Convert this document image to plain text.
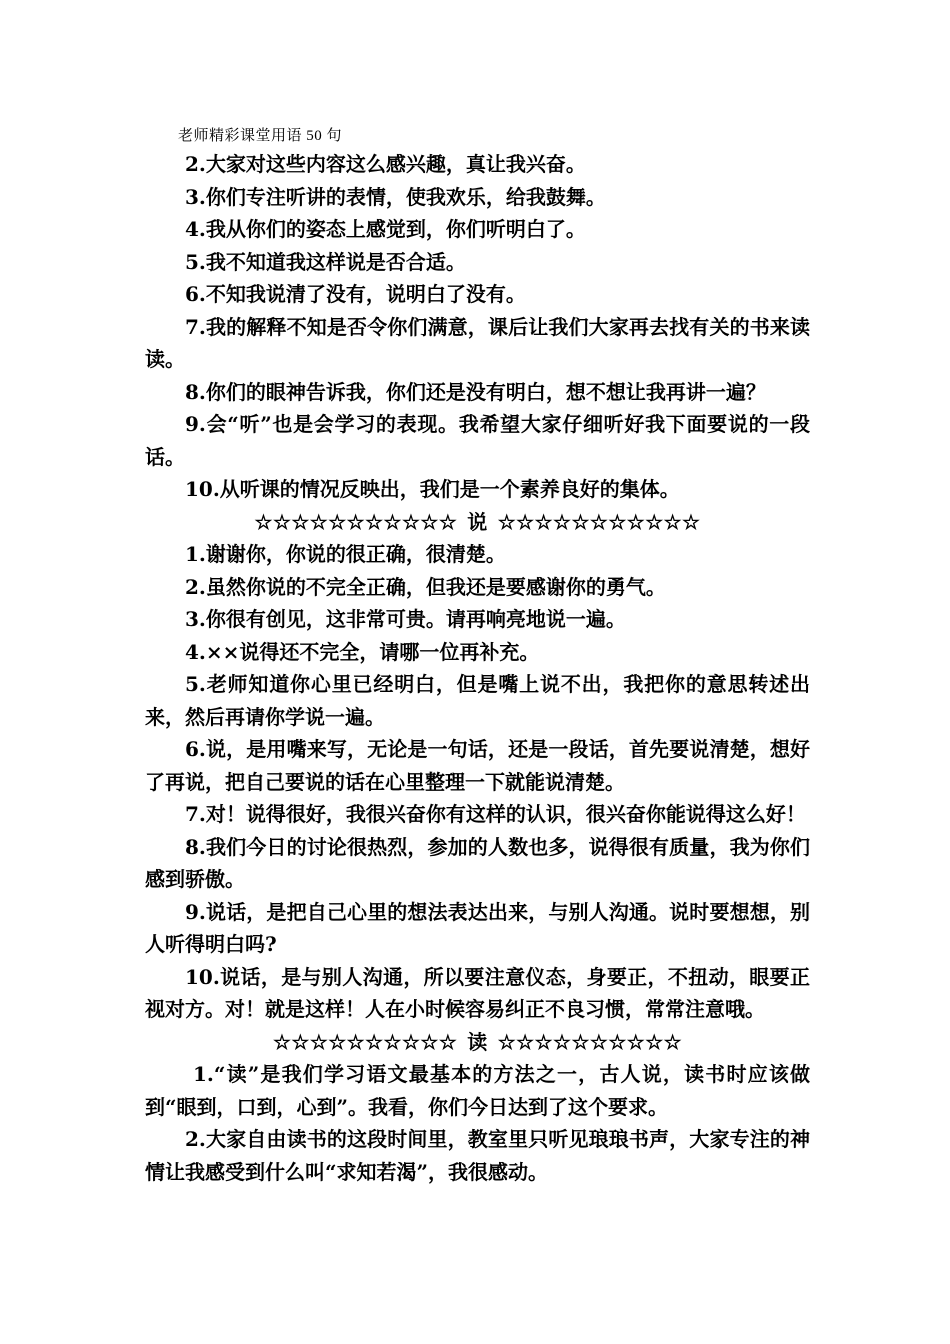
老师精彩课堂用语 50 句

2.大家对这些内容这么感兴趣，真让我兴奋。

3.你们专注听讲的表情，使我欢乐，给我鼓舞。

4.我从你们的姿态上感觉到，你们听明白了。

5.我不知道我这样说是否合适。

6.不知我说清了没有，说明白了没有。

7.我的解释不知是否令你们满意，课后让我们大家再去找有关的书来读读。

8.你们的眼神告诉我，你们还是没有明白，想不想让我再讲一遍？

9.会“听”也是会学习的表现。我希望大家仔细听好我下面要说的一段话。

10.从听课的情况反映出，我们是一个素养良好的集体。

☆☆☆☆☆☆☆☆☆☆☆ 说 ☆☆☆☆☆☆☆☆☆☆☆

1.谢谢你，你说的很正确，很清楚。

2.虽然你说的不完全正确，但我还是要感谢你的勇气。

3.你很有创见，这非常可贵。请再响亮地说一遍。

4.××说得还不完全，请哪一位再补充。

5.老师知道你心里已经明白，但是嘴上说不出，我把你的意思转述出来，然后再请你学说一遍。

6.说，是用嘴来写，无论是一句话，还是一段话，首先要说清楚，想好了再说，把自己要说的话在心里整理一下就能说清楚。

7.对！说得很好，我很兴奋你有这样的认识，很兴奋你能说得这么好！

8.我们今日的讨论很热烈，参加的人数也多，说得很有质量，我为你们感到骄傲。

9.说话，是把自己心里的想法表达出来，与别人沟通。说时要想想，别人听得明白吗?

10.说话，是与别人沟通，所以要注意仪态，身要正，不扭动，眼要正视对方。对！就是这样！人在小时候容易纠正不良习惯，常常注意哦。

☆☆☆☆☆☆☆☆☆☆ 读 ☆☆☆☆☆☆☆☆☆☆

1.“读”是我们学习语文最基本的方法之一，古人说，读书时应该做到“眼到，口到，心到”。我看，你们今日达到了这个要求。

2.大家自由读书的这段时间里，教室里只听见琅琅书声，大家专注的神情让我感受到什么叫“求知若渴”，我很感动。
